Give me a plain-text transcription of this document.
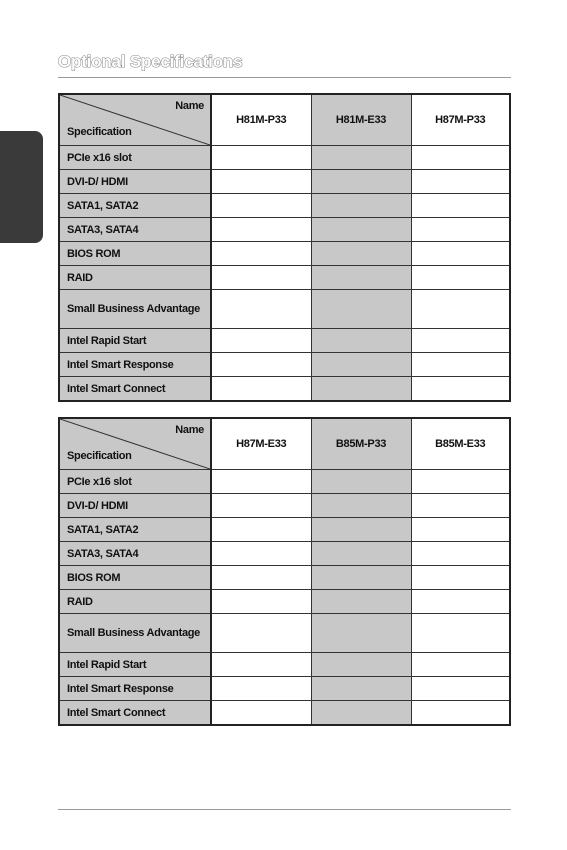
Optional Specifications
Name
Specification	H81M-P33	H81M-E33	H87M-P33
PCIe x16 slot			
DVI-D/ HDMI			
SATA1, SATA2			
SATA3, SATA4			
BIOS ROM			
RAID			
Small Business Advantage			
Intel Rapid Start			
Intel Smart Response			
Intel Smart Connect			
Name
Specification	H87M-E33	B85M-P33	B85M-E33
PCIe x16 slot			
DVI-D/ HDMI			
SATA1, SATA2			
SATA3, SATA4			
BIOS ROM			
RAID			
Small Business Advantage			
Intel Rapid Start			
Intel Smart Response			
Intel Smart Connect			
